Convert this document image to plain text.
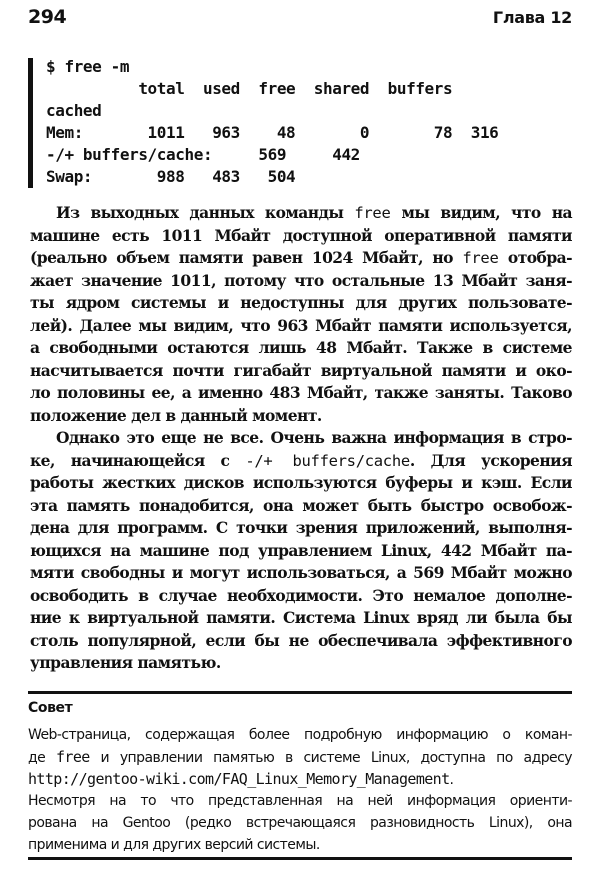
294	Глава 12
$ free -m
total  used  free  shared  buffers
cached
Mem:       1011   963    48       0       78  316
-/+ buffers/cache:     569     442
Swap:       988   483   504
Из выходных данных команды free мы видим, что на
машине есть 1011 Мбайт доступной оперативной памяти
(реально объем памяти равен 1024 Мбайт, но free отобра-
жает значение 1011, потому что остальные 13 Мбайт заня-
ты ядром системы и недоступны для других пользовате-
лей). Далее мы видим, что 963 Мбайт памяти используется,
а свободными остаются лишь 48 Мбайт. Также в системе
насчитывается почти гигабайт виртуальной памяти и око-
ло половины ее, а именно 483 Мбайт, также заняты. Таково
положение дел в данный момент.
Однако это еще не все. Очень важна информация в стро-
ке, начинающейся с -/+ buffers/cache. Для ускорения
работы жестких дисков используются буферы и кэш. Если
эта память понадобится, она может быть быстро освобож-
дена для программ. С точки зрения приложений, выполня-
ющихся на машине под управлением Linux, 442 Мбайт па-
мяти свободны и могут использоваться, а 569 Мбайт можно
освободить в случае необходимости. Это немалое дополне-
ние к виртуальной памяти. Система Linux вряд ли была бы
столь популярной, если бы не обеспечивала эффективного
управления памятью.
Совет
Web-страница, содержащая более подробную информацию о коман-
де free и управлении памятью в системе Linux, доступна по адресу
http://gentoo-wiki.com/FAQ_Linux_Memory_Management.
Несмотря на то что представленная на ней информация ориенти-
рована на Gentoo (редко встречающаяся разновидность Linux), она
применима и для других версий системы.
